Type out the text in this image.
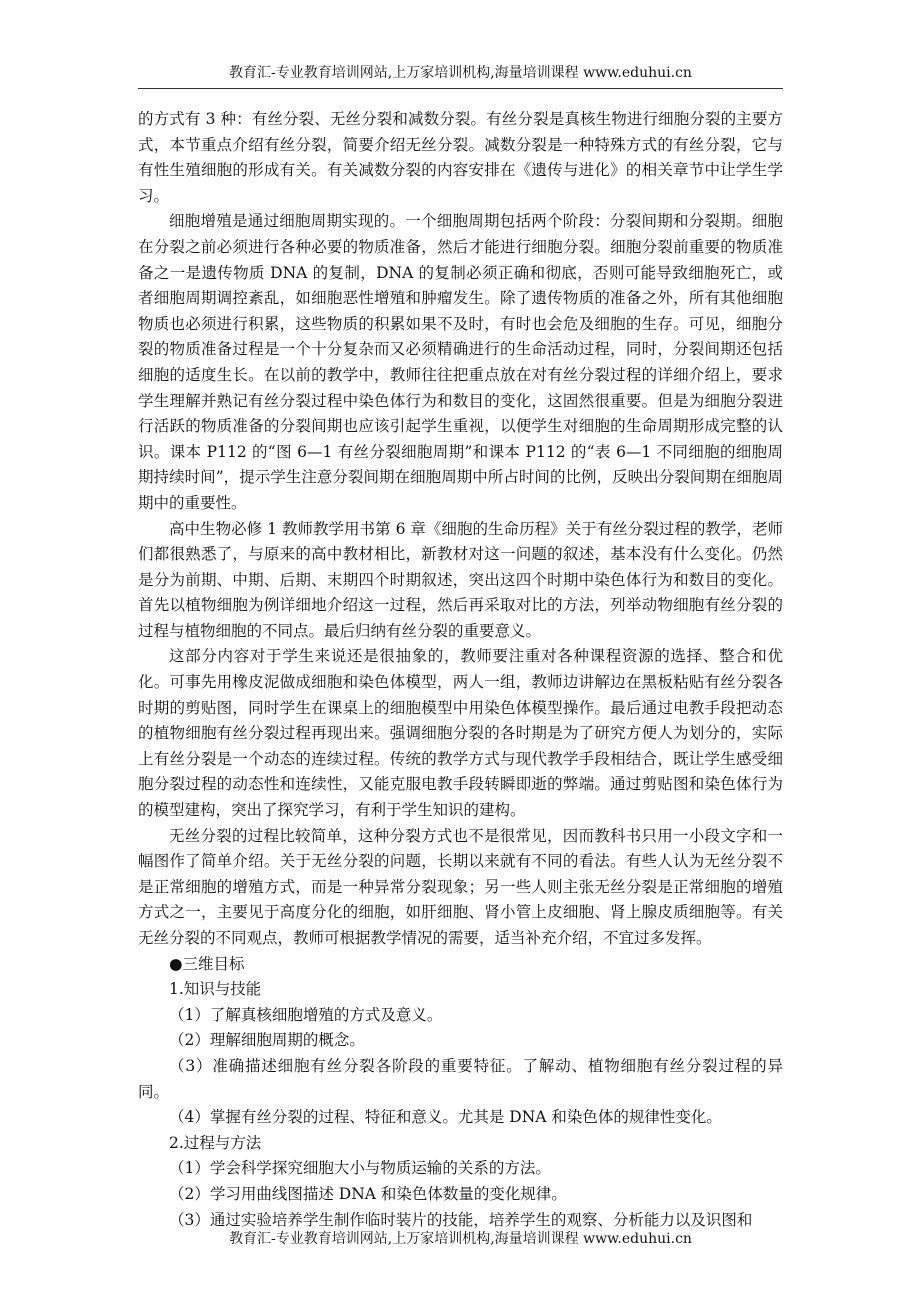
教育汇-专业教育培训网站,上万家培训机构,海量培训课程 www.eduhui.cn

的方式有 3 种：有丝分裂、无丝分裂和减数分裂。有丝分裂是真核生物进行细胞分裂的主要方式，本节重点介绍有丝分裂，简要介绍无丝分裂。减数分裂是一种特殊方式的有丝分裂，它与有性生殖细胞的形成有关。有关减数分裂的内容安排在《遗传与进化》的相关章节中让学生学习。

细胞增殖是通过细胞周期实现的。一个细胞周期包括两个阶段：分裂间期和分裂期。细胞在分裂之前必须进行各种必要的物质准备，然后才能进行细胞分裂。细胞分裂前重要的物质准备之一是遗传物质 DNA 的复制，DNA 的复制必须正确和彻底，否则可能导致细胞死亡，或者细胞周期调控紊乱，如细胞恶性增殖和肿瘤发生。除了遗传物质的准备之外，所有其他细胞物质也必须进行积累，这些物质的积累如果不及时，有时也会危及细胞的生存。可见，细胞分裂的物质准备过程是一个十分复杂而又必须精确进行的生命活动过程，同时，分裂间期还包括细胞的适度生长。在以前的教学中，教师往往把重点放在对有丝分裂过程的详细介绍上，要求学生理解并熟记有丝分裂过程中染色体行为和数目的变化，这固然很重要。但是为细胞分裂进行活跃的物质准备的分裂间期也应该引起学生重视，以便学生对细胞的生命周期形成完整的认识。课本 P112 的“图 6—1 有丝分裂细胞周期”和课本 P112 的“表 6—1 不同细胞的细胞周期持续时间”，提示学生注意分裂间期在细胞周期中所占时间的比例，反映出分裂间期在细胞周期中的重要性。

高中生物必修 1 教师教学用书第 6 章《细胞的生命历程》关于有丝分裂过程的教学，老师们都很熟悉了，与原来的高中教材相比，新教材对这一问题的叙述，基本没有什么变化。仍然是分为前期、中期、后期、末期四个时期叙述，突出这四个时期中染色体行为和数目的变化。首先以植物细胞为例详细地介绍这一过程，然后再采取对比的方法，列举动物细胞有丝分裂的过程与植物细胞的不同点。最后归纳有丝分裂的重要意义。

这部分内容对于学生来说还是很抽象的，教师要注重对各种课程资源的选择、整合和优化。可事先用橡皮泥做成细胞和染色体模型，两人一组，教师边讲解边在黑板粘贴有丝分裂各时期的剪贴图，同时学生在课桌上的细胞模型中用染色体模型操作。最后通过电教手段把动态的植物细胞有丝分裂过程再现出来。强调细胞分裂的各时期是为了研究方便人为划分的，实际上有丝分裂是一个动态的连续过程。传统的教学方式与现代教学手段相结合，既让学生感受细胞分裂过程的动态性和连续性，又能克服电教手段转瞬即逝的弊端。通过剪贴图和染色体行为的模型建构，突出了探究学习，有利于学生知识的建构。

无丝分裂的过程比较简单，这种分裂方式也不是很常见，因而教科书只用一小段文字和一幅图作了简单介绍。关于无丝分裂的问题，长期以来就有不同的看法。有些人认为无丝分裂不是正常细胞的增殖方式，而是一种异常分裂现象；另一些人则主张无丝分裂是正常细胞的增殖方式之一，主要见于高度分化的细胞，如肝细胞、肾小管上皮细胞、肾上腺皮质细胞等。有关无丝分裂的不同观点，教师可根据教学情况的需要，适当补充介绍，不宜过多发挥。

●三维目标

1.知识与技能

（1）了解真核细胞增殖的方式及意义。

（2）理解细胞周期的概念。

（3）准确描述细胞有丝分裂各阶段的重要特征。了解动、植物细胞有丝分裂过程的异同。

（4）掌握有丝分裂的过程、特征和意义。尤其是 DNA 和染色体的规律性变化。

2.过程与方法

（1）学会科学探究细胞大小与物质运输的关系的方法。

（2）学习用曲线图描述 DNA 和染色体数量的变化规律。

（3）通过实验培养学生制作临时装片的技能，培养学生的观察、分析能力以及识图和

教育汇-专业教育培训网站,上万家培训机构,海量培训课程 www.eduhui.cn
